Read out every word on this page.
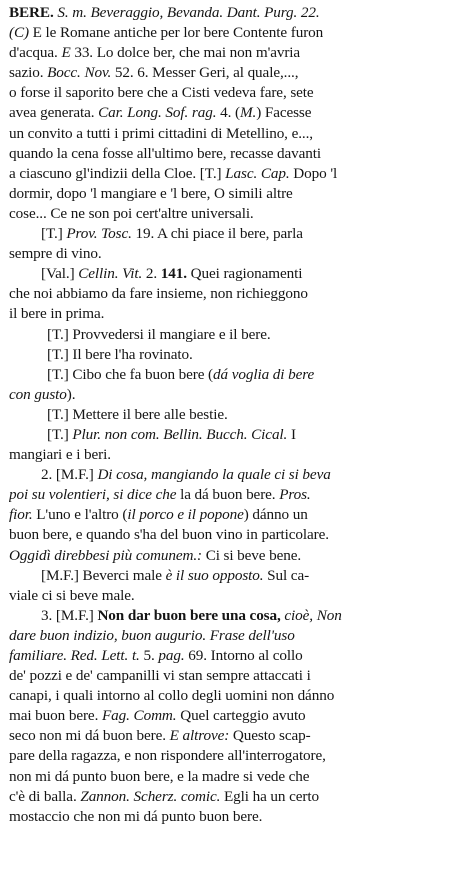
BERE. S. m. Beveraggio, Bevanda. Dant. Purg. 22.
(C) E le Romane antiche per lor bere Contente furon
d'acqua. E 33. Lo dolce ber, che mai non m'avria
sazio. Bocc. Nov. 52. 6. Messer Geri, al quale,...,
o forse il saporito bere che a Cisti vedeva fare, sete
avea generata. Car. Long. Sof. rag. 4. (M.) Facesse
un convito a tutti i primi cittadini di Metellino, e...,
quando la cena fosse all'ultimo bere, recasse davanti
a ciascuno gl'indizii della Cloe. [T.] Lasc. Cap. Dopo 'l
dormir, dopo 'l mangiare e 'l bere, O simili altre
cose... Ce ne son poi cert'altre universali.
[T.] Prov. Tosc. 19. A chi piace il bere, parla
sempre di vino.
[Val.] Cellin. Vit. 2. 141. Quei ragionamenti
che noi abbiamo da fare insieme, non richieggono
il bere in prima.
[T.] Provvedersi il mangiare e il bere.
[T.] Il bere l'ha rovinato.
[T.] Cibo che fa buon bere (dá voglia di bere
con gusto).
[T.] Mettere il bere alle bestie.
[T.] Plur. non com. Bellin. Bucch. Cical. I
mangiari e i beri.
2. [M.F.] Di cosa, mangiando la quale ci si beva
poi su volentieri, si dice che la dá buon bere. Pros.
fior. L'uno e l'altro (il porco e il popone) dánno un
buon bere, e quando s'ha del buon vino in particolare.
Oggidì direbbesi più comunem.: Ci si beve bene.
[M.F.] Beverci male è il suo opposto. Sul ca-
viale ci si beve male.
3. [M.F.] Non dar buon bere una cosa, cioè, Non
dare buon indizio, buon augurio. Frase dell'uso
familiare. Red. Lett. t. 5. pag. 69. Intorno al collo
de' pozzi e de' campanilli vi stan sempre attaccati i
canapi, i quali intorno al collo degli uomini non dánno
mai buon bere. Fag. Comm. Quel carteggio avuto
seco non mi dá buon bere. E altrove: Questo scap-
pare della ragazza, e non rispondere all'interrogatore,
non mi dá punto buon bere, e la madre si vede che
c'è di balla. Zannon. Scherz. comic. Egli ha un certo
mostaccio che non mi dá punto buon bere.
